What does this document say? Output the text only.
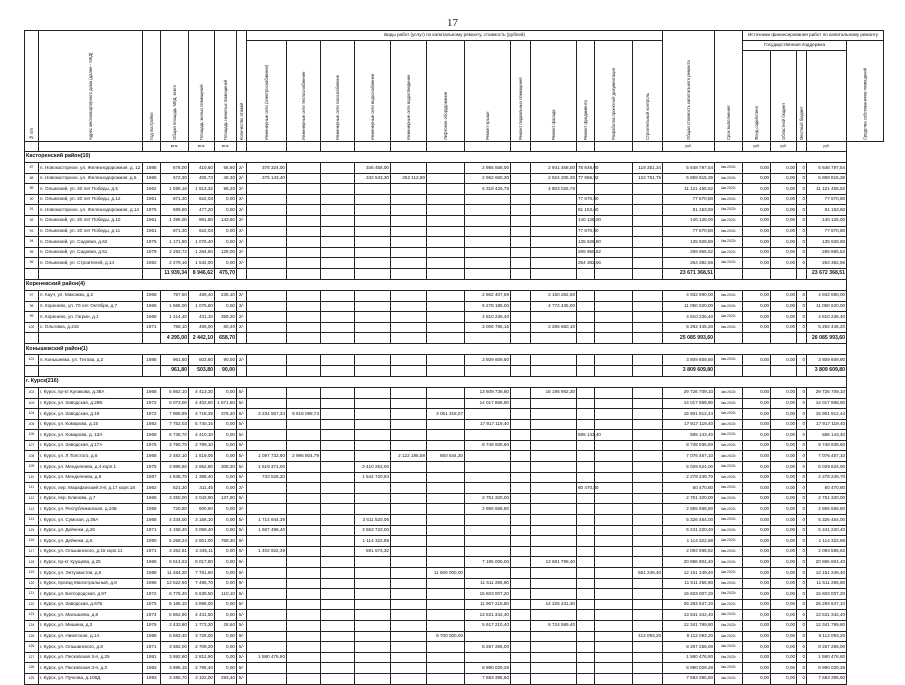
17
№ п/п	Адрес многоквартирного дома (далее - МКД)	Год постройки	Общая площадь МКД, всего	Площадь жилых помещений	Площадь нежилых помещений	Количество этажей	Виды работ (услуг) по капитальному ремонту, стоимость (рублей)												Общая стоимость капитального ремонта	Срок выполнения	Источники финансирования работ по капитальному ремонту				
							Инженерные сети (электроснабжение)	Инженерные сети теплоснабжение	Инженерные сети газоснабжение	Инженерные сети водоснабжение	Инженерные сети водоотведение	Лифтовое оборудование	Ремонт крыши	Ремонт подвальных помещений	Ремонт фасада	Ремонт фундамента	Разработка проектной документации	Строительный контроль			Государственная поддержка				Средства собственников помещений
																					Фонд содействия	Областной бюджет	Местный бюджет		
			кв.м.	кв.м.	кв.м.														руб.		руб.	руб.		руб.	
Касторенский район(10)																									
87	п. Новокасторное, ул. Железнодорожная, д. 12	1986	678,00	410,60	55,60	2/-	378 324,00			346 458,00			2 985 558,00		2 941 458,00	78 648,00		118 351,34	5 648 797,54	4кв.2022г.	0,00	0,00	0	5 648 797,54	
88	п. Новокасторное, ул. Железнодорожная, д.5	1986	672,30	406,73	49,30	2/-	375 143,40			342 543,30	252 112,90		2 962 660,30		2 924 205,30	77 966,92		122 751,76	5 858 815,36	4кв.2022г.	0,00	0,00	0	5 858 815,36	
89	п. Олымский, ул. 20 лет Победы, д.5	1962	1 595,16	1 513,32	98,20	2/-							6 318 426,76		4 803 026,76				11 121 455,52	4кв.2022г.	0,00	0,00	0	11 121 455,52	
90	п. Олымский, ул. 20 лет Победы, д.12	1961	871,30	622,03	0,00	2/-										77 670,80			77 670,80	4кв.2022г.	0,00	0,00	0	77 670,80	
91	п. Новокасторное, ул. Железнодорожная, д.14	1976	689,60	477,20	0,00	2/-										81 153,60			81 153,60	4кв.2022г.	0,00	0,00	0	81 153,60	
92	п. Олымский, ул. 20 лет Победы, д.10	1961	1 296,00	991,80	143,60	2/-										140 128,00			140 128,00	4кв.2022г.	0,00	0,00	0	140 128,00	
93	п. Олымский, ул. 20 лет Победы, д.11	1961	871,30	622,03	0,00	2/-										77 670,80			77 670,80	4кв.2022г.	0,00	0,00	0	77 670,80	
94	п. Олымский, ул. Садовая, д.62	1975	1 171,80	1 076,40	0,00	2/-										135 928,80			135 928,80	4кв.2022г.	0,00	0,00	0	135 928,80	
95	п. Олымский, ул. Садовая, д.51	1979	2 292,72	1 284,60	129,00	2/-										265 955,52			265 955,52	4кв.2022г.	0,00	0,00	0	265 955,52	
96	п. Олымский, ул. Строителей, д.14	1982	2 279,16	1 542,00	0,00	2/-										264 382,56			264 382,56	4кв.2022г.	0,00	0,00	0	264 382,56	
			11 939,34	8 946,62	475,70														23 671 368,51					23 672 368,51	
Кореневский район(4)																									
97	п. Кауч, ул. Максима, д.2	1968	757,50	469,40	239,10	2/-							2 862 407,58		2 150 282,50				4 932 690,00	4кв.2022г.	0,00	0,00	0	4 932 690,00	
98	п. Коренево, ул. 70 лет Октября, д.7	1968	1 565,00	1 075,60	0,00	3/-							6 278 185,00		4 772 435,00				11 050 620,00	4кв.2022г.	0,00	0,00	0	11 050 620,00	
99	п. Коренево, ул. Гагрин, д.1	1968	1 214,40	431,10	359,20	2/-							4 810 236,40						4 810 236,40	4кв.2022г.	0,00	0,00	0	4 810 236,40	
100	с. Ольговка, д.215	1971	758,10	466,00	60,40	2/-							3 006 795,15		2 285 650,10				5 292 445,20	4кв.2022г.	0,00	0,00	0	5 292 445,20	
			4 295,00	2 442,10	658,70														25 085 993,60					26 085 993,60	
Конышевский район(1)																									
101	п. Конышевка, ул. Титова, д.2	1986	961,80	503,80	90,00	2/-							3 809 609,80						3 809 609,80	4кв.2022г.	0,00	0,00	0	3 809 609,80	
			961,80	503,80	90,00														3 809 609,80					3 809 609,80	
г. Курск(216)																									
102	г. Курск, пр-кт Кулакова, д.38А	1968	5 862,10	4 413,30	0,00	5/-							13 609 736,80		16 196 982,30				29 726 709,10	4кв.2022г.	0,00	0,00	0	29 726 709,10	
103	г. Курск, ул. Заводская, д.29Б	1972	6 073,00	4 402,60	1 671,60	5/-							14 017 868,90						14 017 868,90	4кв.2022г.	0,00	0,00	0	14 017 868,90	
104	г. Курск, ул. Заводская, д.19	1972	7 968,89	4 718,39	375,40	5/-	3 234 567,34	9 618 098,73				3 051 318,07							15 901 912,44	4кв.2022г.	0,00	0,00	0	15 901 912,44	
105	г. Курск, ул. Комарова, д.15	1982	7 752,03	5 740,15	0,00	5/-							17 917 119,40						17 917 119,40	4кв.2022г.	0,00	0,00	0	17 917 119,40	
106	г. Курск, ул. Комарова, д. 13А	1968	5 738,70	4 410,10	0,00	5/-										585 143,40			585 143,40	4кв.2022г.	0,00	0,00	0	585 143,40	
107	г. Курск, ул. Заводская, д.17А	1976	3 790,70	2 799,10	0,00	5/-							8 748 935,60						8 748 935,60	4кв.2022г.	0,00	0,00	0	8 748 935,60	
108	г. Курск, ул. Л.Толстого, д.6	1968	2 482,10	1 619,05	0,00	5/-	1 097 732,60	2 995 804,79			2 122 195,59	850 644,30							7 076 467,10	4кв.2022г.	0,00	0,00	0	7 076 467,10	
109	г. Курск, ул. Менделеева, д.4 корп.1	1975	3 989,60	2 662,80	308,20	5/-	1 619 371,00			3 410 253,00									5 029 624,00	4кв.2022г.	0,00	0,00	0	5 029 624,00	
110	г. Курск, ул. Менделеева, д.8	1987	1 636,70	1 388,40	0,00	5/-	733 528,20			1 544 720,93									2 278 249,70	4кв.2022г.	0,00	0,00	0	2 278 249,70	
111	г. Курск, пер. Марафонский 3-й, д.17 корп.18	1962	521,30	311,45	0,00	2/-										60 470,80			60 470,80	4кв.2022г.	0,00	0,00	0	60 470,80	
112	г. Курск, пер. Блинова, д.7	1968	3 250,00	2 043,90	137,90	5/-							2 751 320,00						2 751 320,00	4кв.2022г.	0,00	0,00	0	2 751 320,00	
113	г. Курск, ул. Республиканская, д.34Б	1958	720,80	600,60	0,00	2/-							2 855 668,80						2 855 668,80	4кв.2022г.	0,00	0,00	0	2 855 668,80	
114	г. Курск, ул. Сумская, д.38А	1968	4 234,00	3 158,10	0,00	5/-	1 714 944,39			3 611 520,06									5 326 464,00	4кв.2022г.	0,00	0,00	0	5 326 464,00	
115	г. Курск, ул. Дейнеки, д.26	1971	4 158,40	3 059,40	0,00	5/-	1 687 498,40			3 553 722,00									5 241 220,40	4кв.2022г.	0,00	0,00	0	5 241 220,40	
116	г. Курск, ул. Дейнеки, д.5	1990	5 258,24	2 801,00	769,30	9/-				1 114 322,88									1 114 322,88	4кв.2022г.	0,00	0,00	0	1 114 322,88	
117	г. Курск, ул. Ольшанского, д.16 корп.11	1971	3 262,61	2 345,11	0,00	5/-	1 402 922,39			591 673,32									2 094 595,62	4кв.2022г.	0,00	0,00	0	2 094 595,62	
118	г. Курск, пр-кт Хрущева, д.25	1986	8 514,63	8 017,80	0,00	9/-							7 185 006,00		13 681 798,40				20 866 804,40	4кв.2022г.	0,00	0,00	0	20 866 804,40	
119	г. Курск, ул. Энтузиастов, д.6	1988	11 484,30	7 761,60	0,00	9/-						11 600 000,00						551 249,40	12 151 249,40	4кв.2022г.	0,00	0,00	0	12 151 249,40	
120	г. Курск, проезд Магистральный, д.8	1986	13 622,90	7 485,70	0,00	9/-							11 511 266,80						11 511 266,80	4кв.2022г.	0,00	0,00	0	11 511 266,80	
121	г. Курск, ул. Белгородская, д.97	1972	6 775,40	5 639,50	110,10	5/-							15 603 007,20						15 603 007,20	4кв.2022г.	0,00	0,00	0	15 603 007,20	
122	г. Курск, ул. Заводская, д.67Б	1975	5 185,10	3 898,00	0,00	5/-							11 967 215,80		14 326 431,30				26 293 647,10	4кв.2022г.	0,00	0,00	0	26 293 647,10	
123	г. Курск, ул. Малышева, д.8	1974	5 862,90	4 431,50	0,00	5/-							13 531 342,40						13 531 342,40	4кв.2022г.	0,00	0,00	0	13 531 342,40	
124	г. Курск, ул. Мишина, д.3	1975	2 433,80	1 773,30	28,60	5/-							5 617 210,40		6 724 589,40				12 341 799,80	4кв.2022г.	0,00	0,00	0	12 341 799,80	
125	г. Курск, ул. Никитская, д.14	1988	6 583,40	3 725,00	0,00	9/-						8 700 000,00						412 093,20	9 112 093,20	4кв.2022г.	0,00	0,00	0	9 112 093,20	
126	г. Курск, ул. Ольшанского, д.8	1971	3 582,00	2 709,20	0,00	5/-							8 267 256,00						8 267 256,00	4кв.2022г.	0,00	0,00	0	8 267 256,00	
127	г. Курск, ул. Песковская 3-я, д.25	1981	3 692,80	2 812,90	0,00	5/-	1 580 476,80												1 580 476,80	4кв.2022г.	0,00	0,00	0	1 580 476,80	
128	г. Курск, ул. Песковская 3-я, д.3	1983	3 895,15	2 798,40	0,00	5/-							8 990 029,28						8 990 029,28	4кв.2022г.	0,00	0,00	0	8 990 029,28	
129	г. Курск, ул. Пучкова, д.108Д	1993	3 285,70	3 102,00	293,40	5/-							7 583 395,60						7 583 395,60	4кв.2022г.	0,00	0,00	0	7 583 395,60	
